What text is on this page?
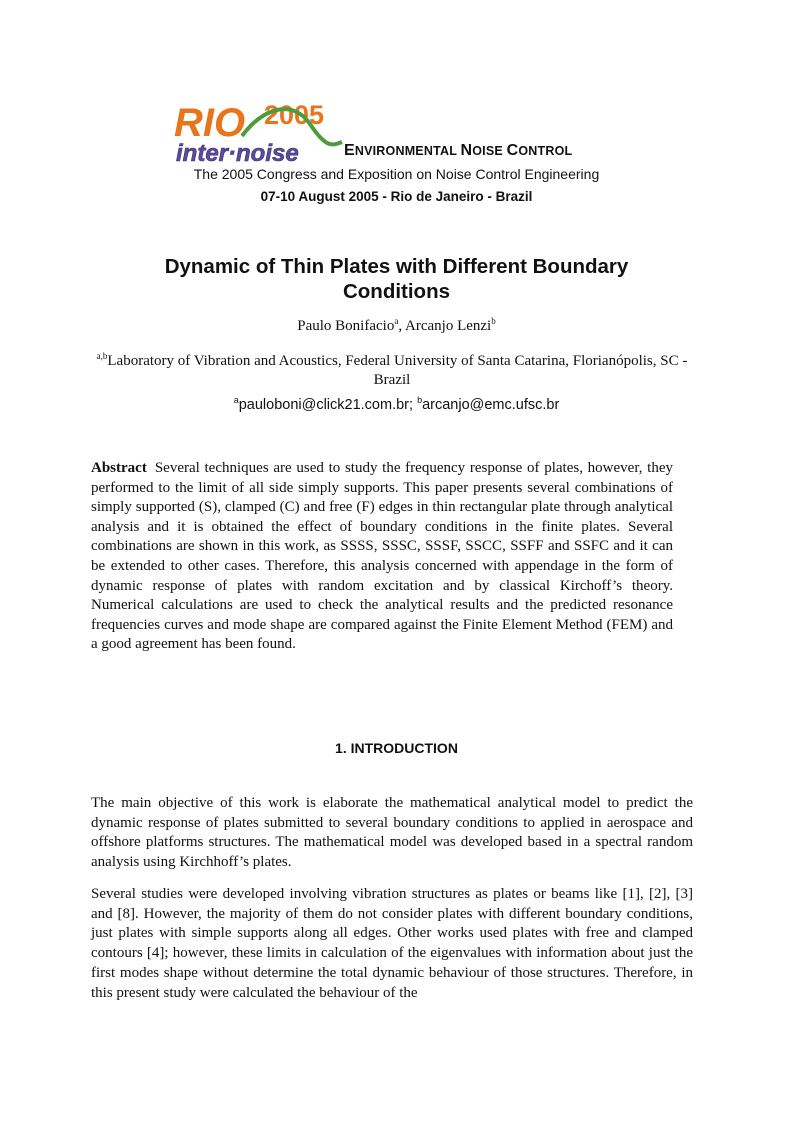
RIO 2005
inter·noise	ENVIRONMENTAL NOISE CONTROL
The 2005 Congress and Exposition on Noise Control Engineering
07-10 August 2005 - Rio de Janeiro - Brazil
Dynamic of Thin Plates with Different Boundary Conditions
Paulo Bonifacio$^a$, Arcanjo Lenzi$^b$
$^{a,b}$Laboratory of Vibration and Acoustics, Federal University of Santa Catarina, Florianópolis, SC - Brazil
$^a$pauloboni@click21.com.br; $^b$arcanjo@emc.ufsc.br
Abstract Several techniques are used to study the frequency response of plates, however, they performed to the limit of all side simply supports. This paper presents several combinations of simply supported (S), clamped (C) and free (F) edges in thin rectangular plate through analytical analysis and it is obtained the effect of boundary conditions in the finite plates. Several combinations are shown in this work, as SSSS, SSSC, SSSF, SSCC, SSFF and SSFC and it can be extended to other cases. Therefore, this analysis concerned with appendage in the form of dynamic response of plates with random excitation and by classical Kirchoff’s theory. Numerical calculations are used to check the analytical results and the predicted resonance frequencies curves and mode shape are compared against the Finite Element Method (FEM) and a good agreement has been found.
1. INTRODUCTION

The main objective of this work is elaborate the mathematical analytical model to predict the dynamic response of plates submitted to several boundary conditions to applied in aerospace and offshore platforms structures. The mathematical model was developed based in a spectral random analysis using Kirchhoff’s plates.

Several studies were developed involving vibration structures as plates or beams like [1], [2], [3] and [8]. However, the majority of them do not consider plates with different boundary conditions, just plates with simple supports along all edges. Other works used plates with free and clamped contours [4]; however, these limits in calculation of the eigenvalues with information about just the first modes shape without determine the total dynamic behaviour of those structures. Therefore, in this present study were calculated the behaviour of the
